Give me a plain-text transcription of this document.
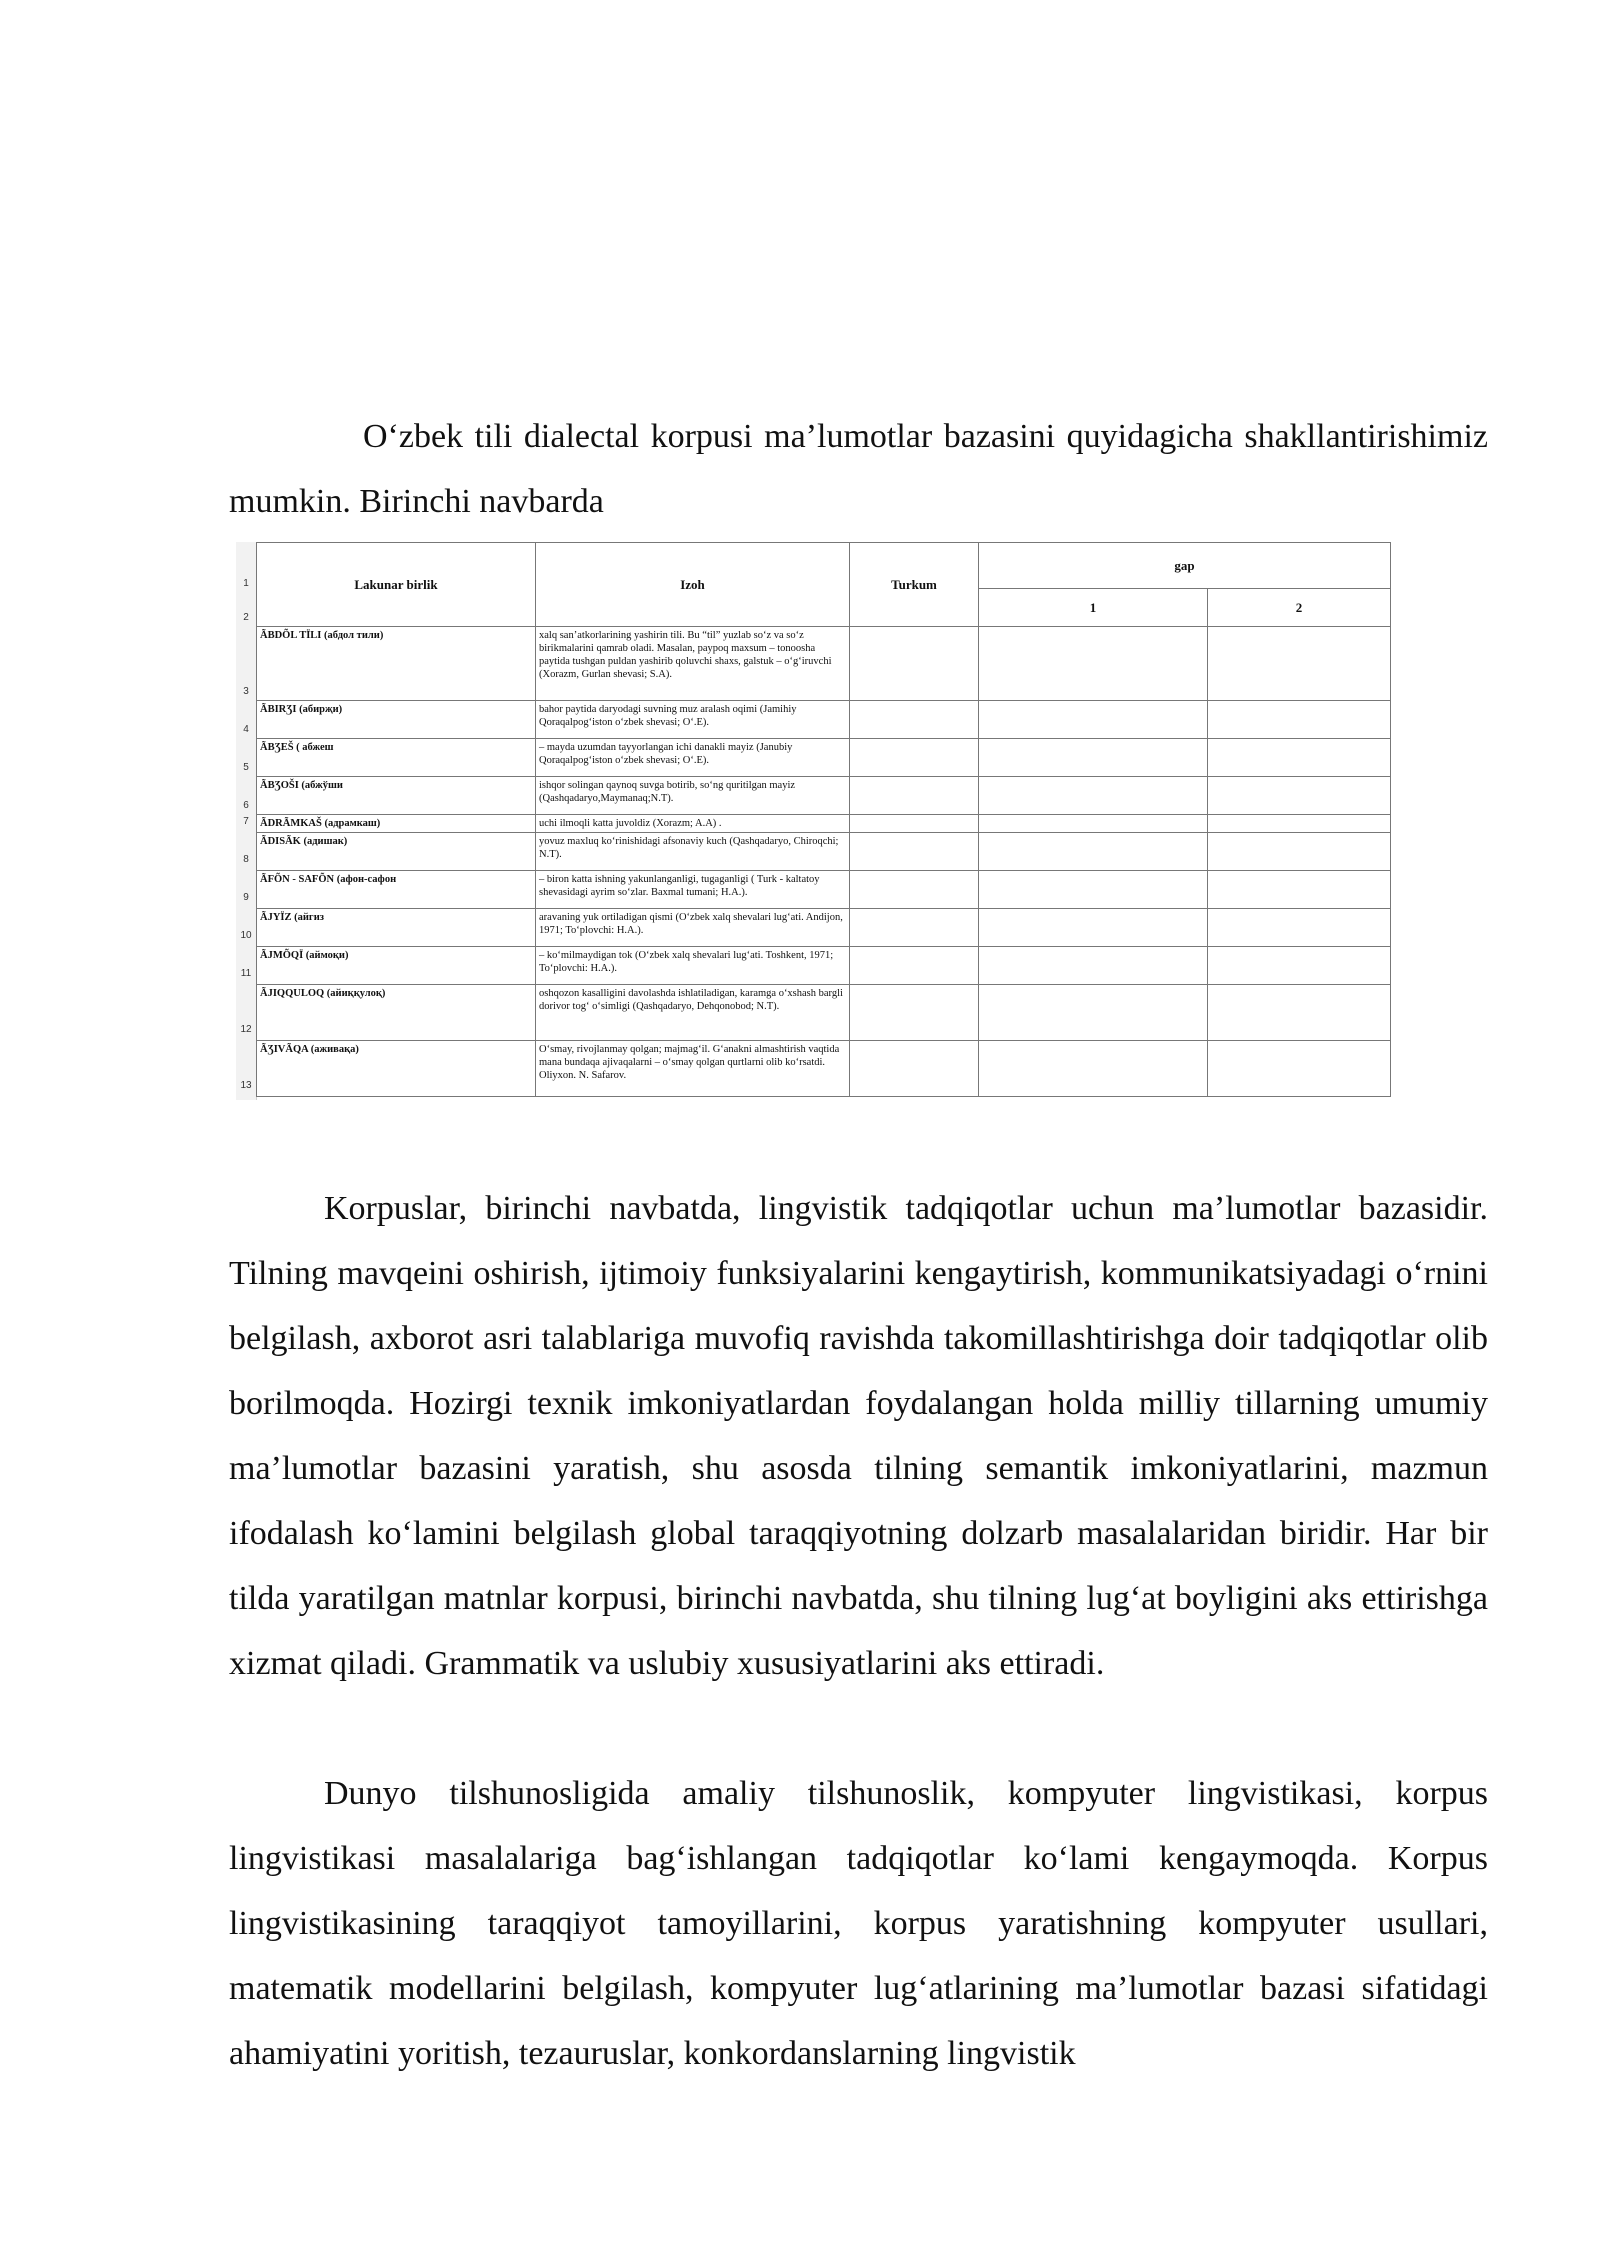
O‘zbek tili dialectal korpusi ma’lumotlar bazasini quyidagicha shakllantirishimiz mumkin. Birinchi navbarda

1
2
3
4
5
6
7
8
9
10
11
12
13
Lakunar birlik	Izoh	Turkum	gap	
			1	2
ÃBDÕL TÏLI (абдол тили)	xalq san’atkorlarining yashirin tili. Bu “til” yuzlab so‘z va so‘z birikmalarini qamrab oladi. Masalan, paypoq maxsum – tonoosha paytida tushgan puldan yashirib qoluvchi shaxs, galstuk – o‘g‘iruvchi (Xorazm, Gurlan shevasi; S.A).			
ÃBIRƷI (абирҗи)	bahor paytida daryodagi suvning muz aralash oqimi (Jamihiy Qoraqalpog‘iston o‘zbek shevasi; O‘.E).			
ÃBƷEŠ ( абжеш	– mayda uzumdan tayyorlangan ichi danakli mayiz (Janubiy Qoraqalpog‘iston o‘zbek shevasi; O‘.E).			
ÃBƷOŠI (абжўши	ishqor solingan qaynoq suvga botirib, so‘ng quritilgan mayiz (Qashqadaryo,Maymanaq;N.T).			
ÃDRÃMKAŠ (адрамкаш)	uchi ilmoqli katta juvoldiz (Xorazm; A.A) .			
ÃDISÃK (адишак)	yovuz maxluq ko‘rinishidagi afsonaviy kuch (Qashqadaryo, Chiroqchi; N.T).			
ÃFÕN - SAFÕN (афон-сафон	– biron katta ishning yakunlanganligi, tugaganligi ( Turk - kaltatoy shevasidagi ayrim so‘zlar. Baxmal tumani; H.A.).			
ÃJYÏZ (айгиз	aravaning yuk ortiladigan qismi (O‘zbek xalq shevalari lug‘ati. Andijon, 1971; To‘plovchi: H.A.).			
ÃJMÕQÏ (аймоқи)	– ko‘milmaydigan tok (O‘zbek xalq shevalari lug‘ati. Toshkent, 1971; To‘plovchi: H.A.).			
ÃJIQQULOQ (айиққулоқ)	oshqozon kasalligini davolashda ishlatiladigan, karamga o‘xshash bargli dorivor tog‘ o‘simligi (Qashqadaryo, Dehqonobod; N.T).			
ÃƷIVÃQA (аживақа)	O‘smay, rivojlanmay qolgan; majmag‘il. G‘anakni almashtirish vaqtida mana bundaqa ajivaqalarni – o‘smay qolgan qurtlarni olib ko‘rsatdi. Oliyxon. N. Safarov.			

Korpuslar, birinchi navbatda, lingvistik tadqiqotlar uchun ma’lumotlar bazasidir. Tilning mavqeini oshirish, ijtimoiy funksiyalarini kengaytirish, kommunikatsiyadagi o‘rnini belgilash, axborot asri talablariga muvofiq ravishda takomillashtirishga doir tadqiqotlar olib borilmoqda. Hozirgi texnik imkoniyatlardan foydalangan holda milliy tillarning umumiy ma’lumotlar bazasini yaratish, shu asosda tilning semantik imkoniyatlarini, mazmun ifodalash ko‘lamini belgilash global taraqqiyotning dolzarb masalalaridan biridir. Har bir tilda yaratilgan matnlar korpusi, birinchi navbatda, shu tilning lug‘at boyligini aks ettirishga xizmat qiladi. Grammatik va uslubiy xususiyatlarini aks ettiradi.

Dunyo tilshunosligida amaliy tilshunoslik, kompyuter lingvistikasi, korpus lingvistikasi masalalariga bag‘ishlangan tadqiqotlar ko‘lami kengaymoqda. Korpus lingvistikasining taraqqiyot tamoyillarini, korpus yaratishning kompyuter usullari, matematik modellarini belgilash, kompyuter lug‘atlarining ma’lumotlar bazasi sifatidagi ahamiyatini yoritish, tezauruslar, konkordanslarning lingvistik
